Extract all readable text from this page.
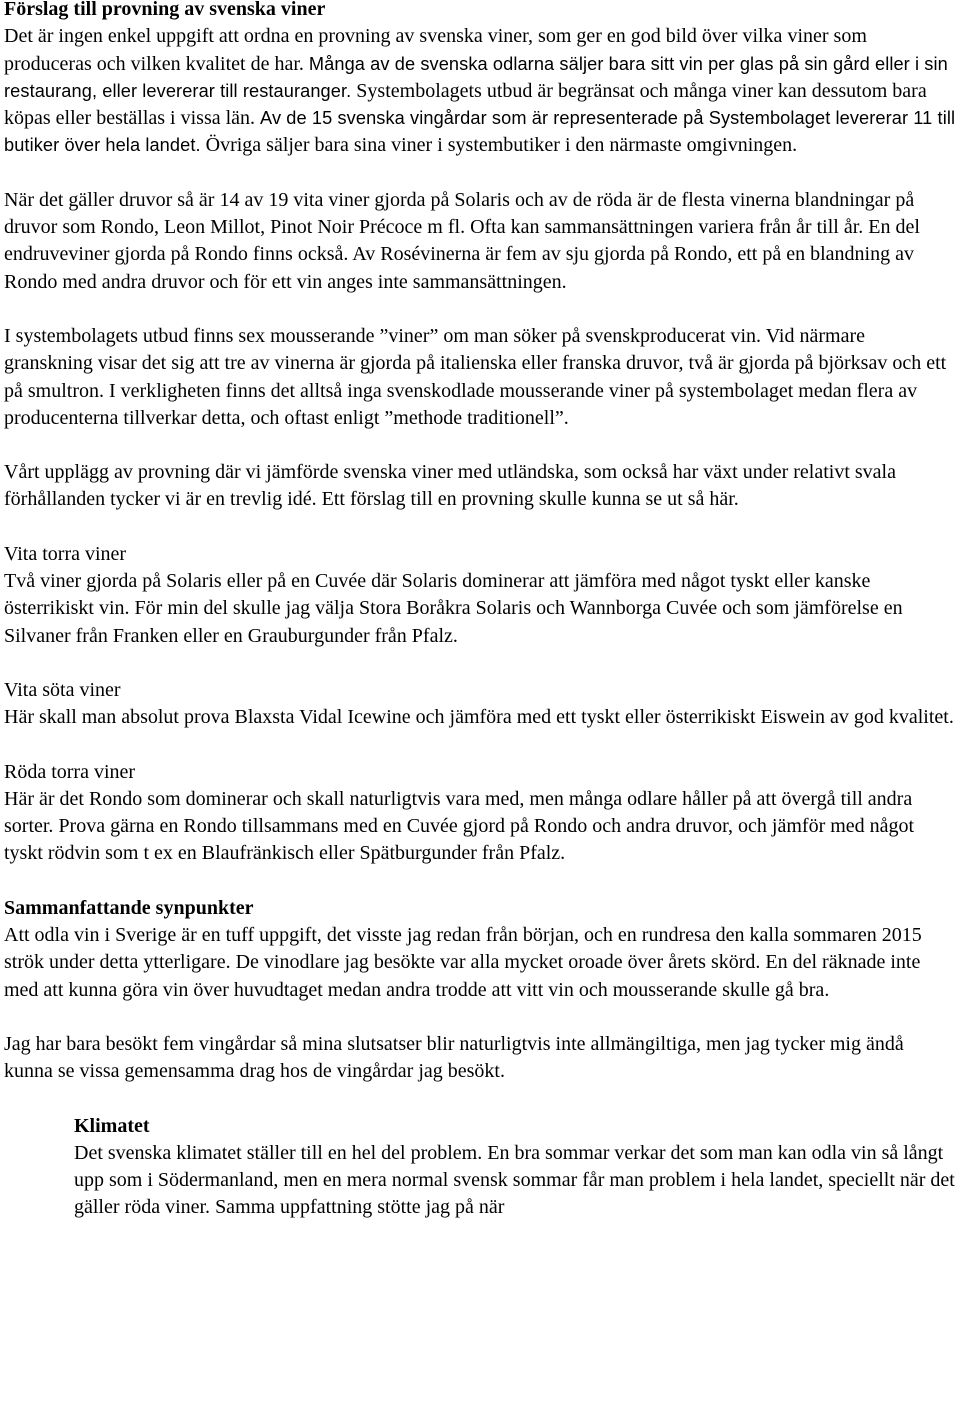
Förslag till provning av svenska viner
Det är ingen enkel uppgift att ordna en provning av svenska viner, som ger en god bild över vilka viner som produceras och vilken kvalitet de har. Många av de svenska odlarna säljer bara sitt vin per glas på sin gård eller i sin restaurang, eller levererar till restauranger. Systembolagets utbud är begränsat och många viner kan dessutom bara köpas eller beställas i vissa län. Av de 15 svenska vingårdar som är representerade på Systembolaget levererar 11 till butiker över hela landet. Övriga säljer bara sina viner i systembutiker i den närmaste omgivningen.
När det gäller druvor så är 14 av 19 vita viner gjorda på Solaris och av de röda är de flesta vinerna blandningar på druvor som Rondo, Leon Millot, Pinot Noir Précoce m fl. Ofta kan sammansättningen variera från år till år. En del endruveviner gjorda på Rondo finns också. Av Rosévinerna är fem av sju gjorda på Rondo, ett på en blandning av Rondo med andra druvor och för ett vin anges inte sammansättningen.
I systembolagets utbud finns sex mousserande ”viner” om man söker på svenskproducerat vin. Vid närmare granskning visar det sig att tre av vinerna är gjorda på italienska eller franska druvor, två är gjorda på björksav och ett på smultron. I verkligheten finns det alltså inga svenskodlade mousserande viner på systembolaget medan flera av producenterna tillverkar detta, och oftast enligt ”methode traditionell”.
Vårt upplägg av provning där vi jämförde svenska viner med utländska, som också har växt under relativt svala förhållanden tycker vi är en trevlig idé. Ett förslag till en provning skulle kunna se ut så här.
Vita torra viner
Två viner gjorda på Solaris eller på en Cuvée där Solaris dominerar att jämföra med något tyskt eller kanske österrikiskt vin. För min del skulle jag välja Stora Boråkra Solaris och Wannborga Cuvée och som jämförelse en Silvaner från Franken eller en Grauburgunder från Pfalz.
Vita söta viner
Här skall man absolut prova Blaxsta Vidal Icewine och jämföra med ett tyskt eller österrikiskt Eiswein av god kvalitet.
Röda torra viner
Här är det Rondo som dominerar och skall naturligtvis vara med, men många odlare håller på att övergå till andra sorter. Prova gärna en Rondo tillsammans med en Cuvée gjord på Rondo och andra druvor, och jämför med något tyskt rödvin som t ex en Blaufränkisch eller Spätburgunder från Pfalz.
Sammanfattande synpunkter
Att odla vin i Sverige är en tuff uppgift, det visste jag redan från början, och en rundresa den kalla sommaren 2015 strök under detta ytterligare. De vinodlare jag besökte var alla mycket oroade över årets skörd. En del räknade inte med att kunna göra vin över huvudtaget medan andra trodde att vitt vin och mousserande skulle gå bra.
Jag har bara besökt fem vingårdar så mina slutsatser blir naturligtvis inte allmängiltiga, men jag tycker mig ändå kunna se vissa gemensamma drag hos de vingårdar jag besökt.
Klimatet
Det svenska klimatet ställer till en hel del problem. En bra sommar verkar det som man kan odla vin så långt upp som i Södermanland, men en mera normal svensk sommar får man problem i hela landet, speciellt när det gäller röda viner. Samma uppfattning stötte jag på när
